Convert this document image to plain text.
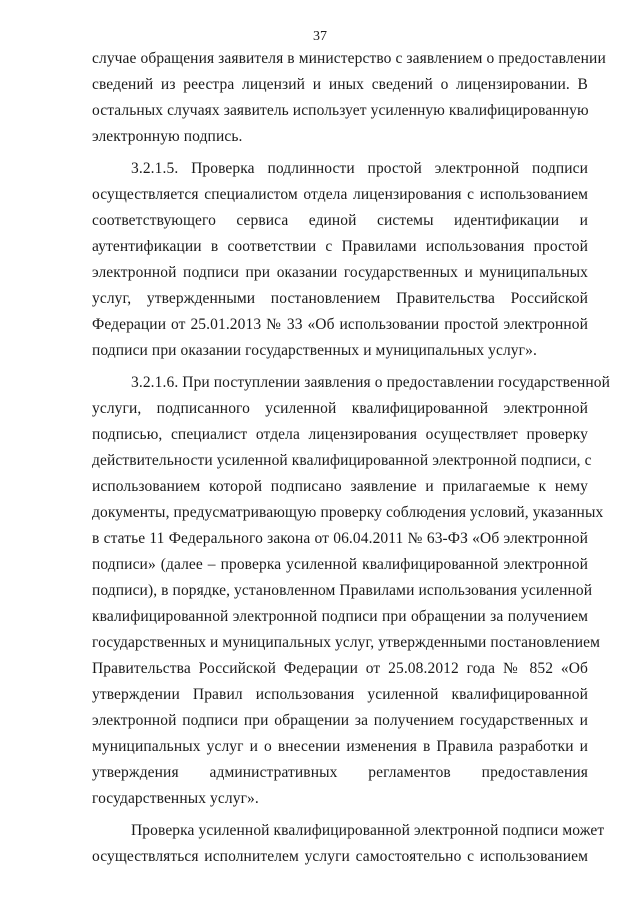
37
случае обращения заявителя в министерство с заявлением о предоставлении
сведений из реестра лицензий и иных сведений о лицензировании. В
остальных случаях заявитель использует усиленную квалифицированную
электронную подпись.
3.2.1.5. Проверка подлинности простой электронной подписи
осуществляется специалистом отдела лицензирования с использованием
соответствующего сервиса единой системы идентификации и
аутентификации в соответствии с Правилами использования простой
электронной подписи при оказании государственных и муниципальных
услуг, утвержденными постановлением Правительства Российской
Федерации от 25.01.2013 № 33 «Об использовании простой электронной
подписи при оказании государственных и муниципальных услуг».
3.2.1.6. При поступлении заявления о предоставлении государственной
услуги, подписанного усиленной квалифицированной электронной
подписью, специалист отдела лицензирования осуществляет проверку
действительности усиленной квалифицированной электронной подписи, с
использованием которой подписано заявление и прилагаемые к нему
документы, предусматривающую проверку соблюдения условий, указанных
в статье 11 Федерального закона от 06.04.2011 № 63-ФЗ «Об электронной
подписи» (далее – проверка усиленной квалифицированной электронной
подписи), в порядке, установленном Правилами использования усиленной
квалифицированной электронной подписи при обращении за получением
государственных и муниципальных услуг, утвержденными постановлением
Правительства Российской Федерации от 25.08.2012 года № 852 «Об
утверждении Правил использования усиленной квалифицированной
электронной подписи при обращении за получением государственных и
муниципальных услуг и о внесении изменения в Правила разработки и
утверждения административных регламентов предоставления
государственных услуг».
Проверка усиленной квалифицированной электронной подписи может
осуществляться исполнителем услуги самостоятельно с использованием
